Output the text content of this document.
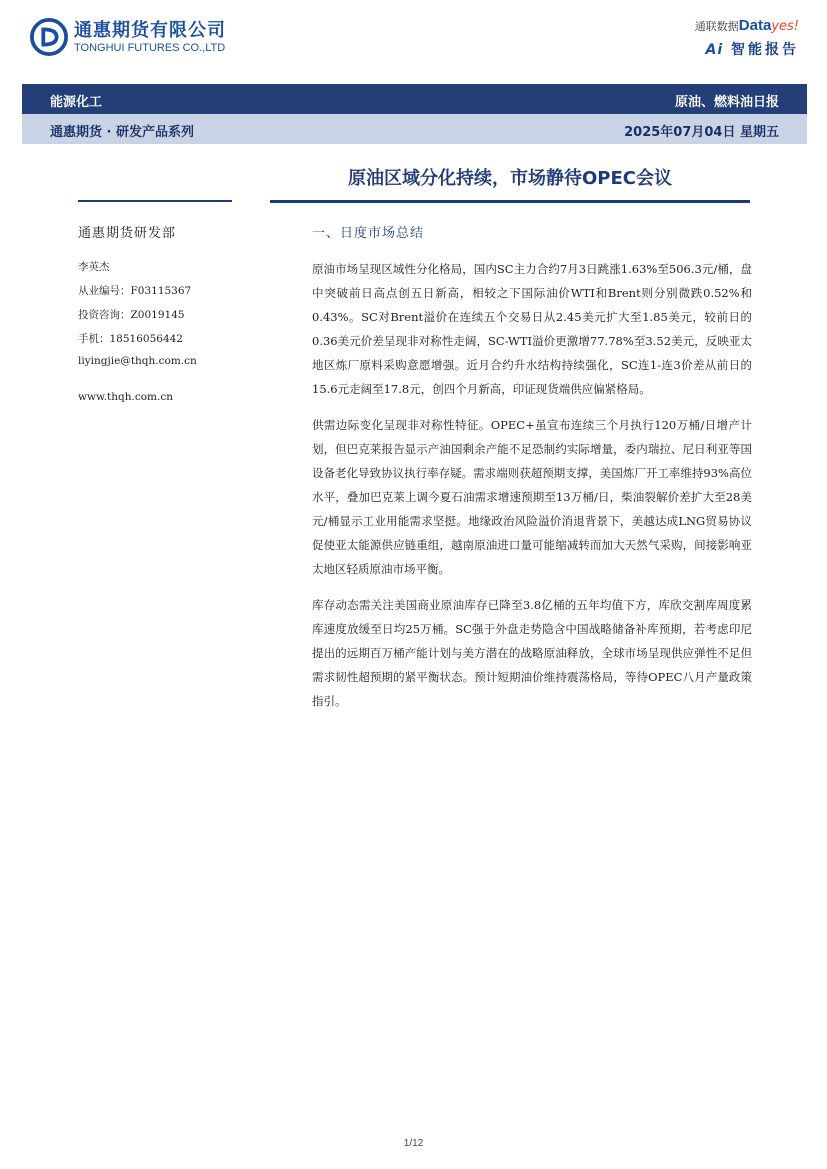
通惠期货有限公司
TONGHUI FUTURES CO.,LTD
通联数据Datayes!
Ai 智能报告
能源化工	原油、燃料油日报
通惠期货 · 研发产品系列	2025年07月04日 星期五
原油区域分化持续，市场静待OPEC会议
通惠期货研发部
李英杰
从业编号：F03115367
投资咨询：Z0019145
手机：18516056442
liyingjie@thqh.com.cn
www.thqh.com.cn
一、日度市场总结

原油市场呈现区域性分化格局，国内SC主力合约7月3日跳涨1.63%至506.3元/桶，盘中突破前日高点创五日新高，相较之下国际油价WTI和Brent则分别微跌0.52%和0.43%。SC对Brent溢价在连续五个交易日从2.45美元扩大至1.85美元，较前日的0.36美元价差呈现非对称性走阔，SC-WTI溢价更激增77.78%至3.52美元，反映亚太地区炼厂原料采购意愿增强。近月合约升水结构持续强化，SC连1-连3价差从前日的15.6元走阔至17.8元，创四个月新高，印证现货端供应偏紧格局。

供需边际变化呈现非对称性特征。OPEC+虽宣布连续三个月执行120万桶/日增产计划，但巴克莱报告显示产油国剩余产能不足恐制约实际增量，委内瑞拉、尼日利亚等国设备老化导致协议执行率存疑。需求端则获超预期支撑，美国炼厂开工率维持93%高位水平，叠加巴克莱上调今夏石油需求增速预期至13万桶/日，柴油裂解价差扩大至28美元/桶显示工业用能需求坚挺。地缘政治风险溢价消退背景下，美越达成LNG贸易协议促使亚太能源供应链重组，越南原油进口量可能缩减转而加大天然气采购，间接影响亚太地区轻质原油市场平衡。

库存动态需关注美国商业原油库存已降至3.8亿桶的五年均值下方，库欣交割库周度累库速度放缓至日均25万桶。SC强于外盘走势隐含中国战略储备补库预期，若考虑印尼提出的远期百万桶产能计划与美方潜在的战略原油释放，全球市场呈现供应弹性不足但需求韧性超预期的紧平衡状态。预计短期油价维持震荡格局，等待OPEC八月产量政策指引。

1/12
